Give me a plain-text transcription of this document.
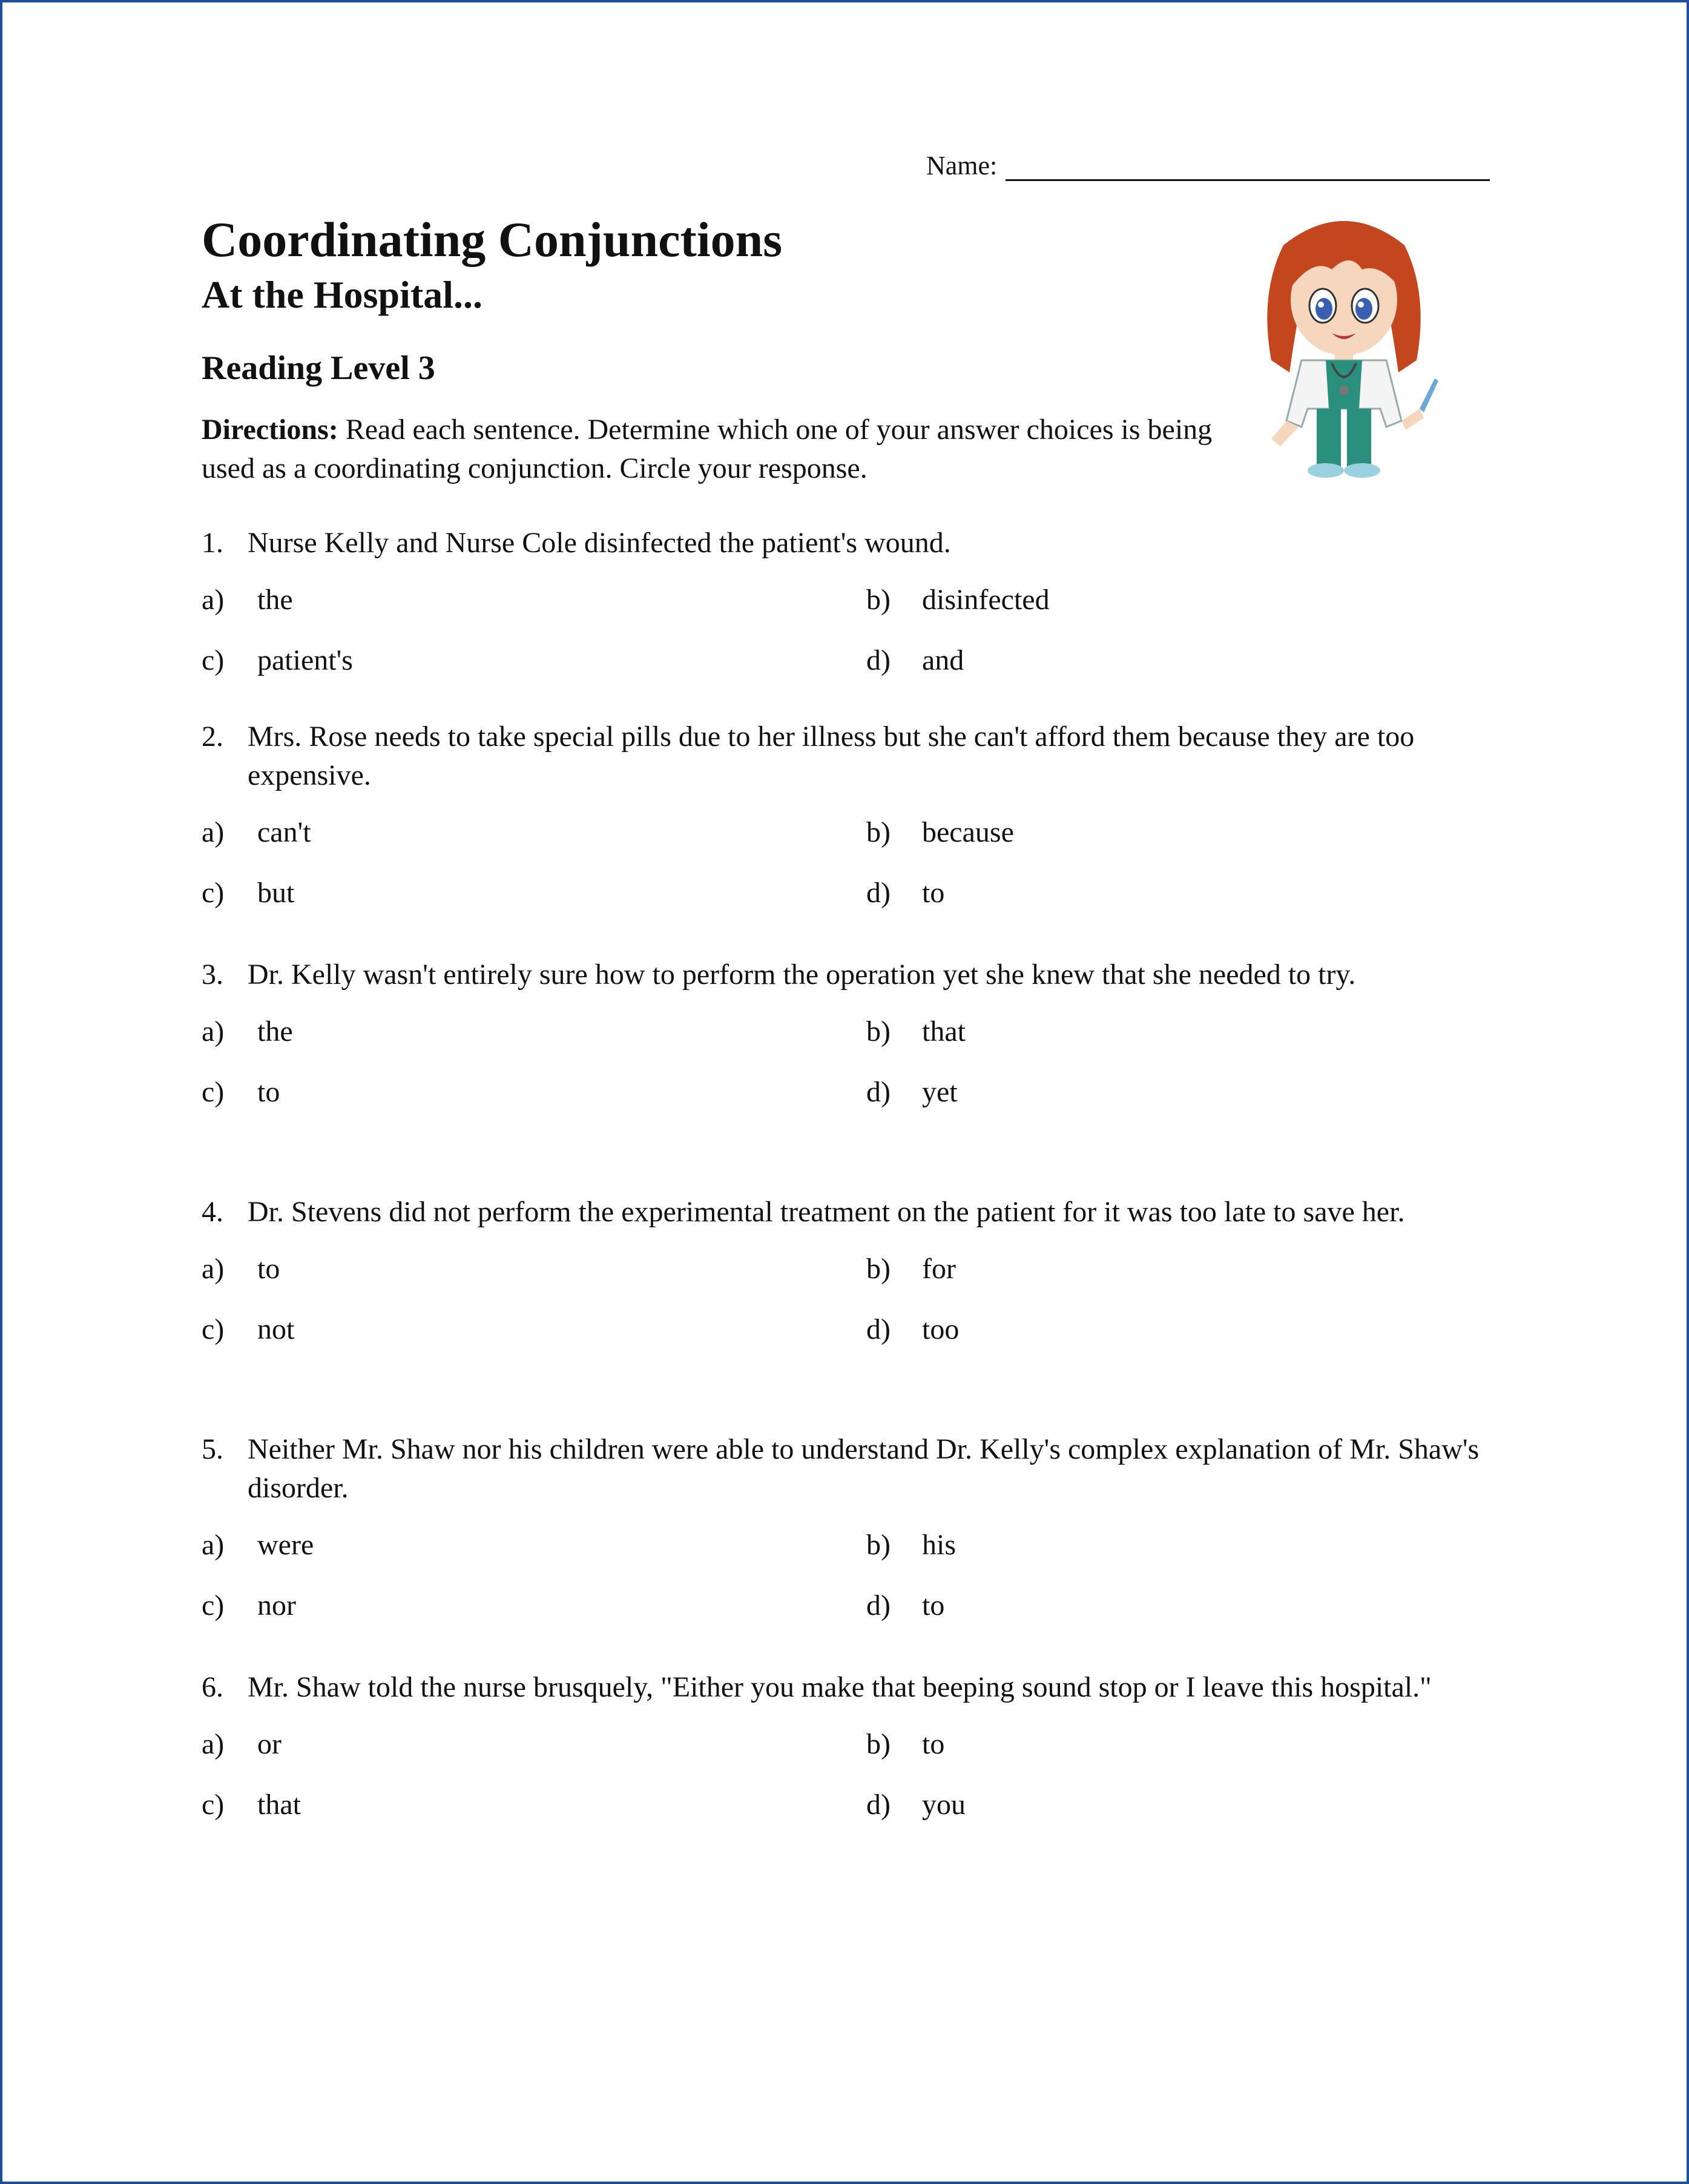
Name:
Coordinating Conjunctions
At the Hospital...
Reading Level 3
Directions: Read each sentence. Determine which one of your answer choices is being used as a coordinating conjunction. Circle your response.
1. Nurse Kelly and Nurse Cole disinfected the patient's wound.
a)	the	b)	disinfected
c)	patient's	d)	and
2. Mrs. Rose needs to take special pills due to her illness but she can't afford them because they are too expensive.
a)	can't	b)	because
c)	but	d)	to
3. Dr. Kelly wasn't entirely sure how to perform the operation yet she knew that she needed to try.
a)	the	b)	that
c)	to	d)	yet
4. Dr. Stevens did not perform the experimental treatment on the patient for it was too late to save her.
a)	to	b)	for
c)	not	d)	too
5. Neither Mr. Shaw nor his children were able to understand Dr. Kelly's complex explanation of Mr. Shaw's disorder.
a)	were	b)	his
c)	nor	d)	to
6. Mr. Shaw told the nurse brusquely, "Either you make that beeping sound stop or I leave this hospital."
a)	or	b)	to
c)	that	d)	you
